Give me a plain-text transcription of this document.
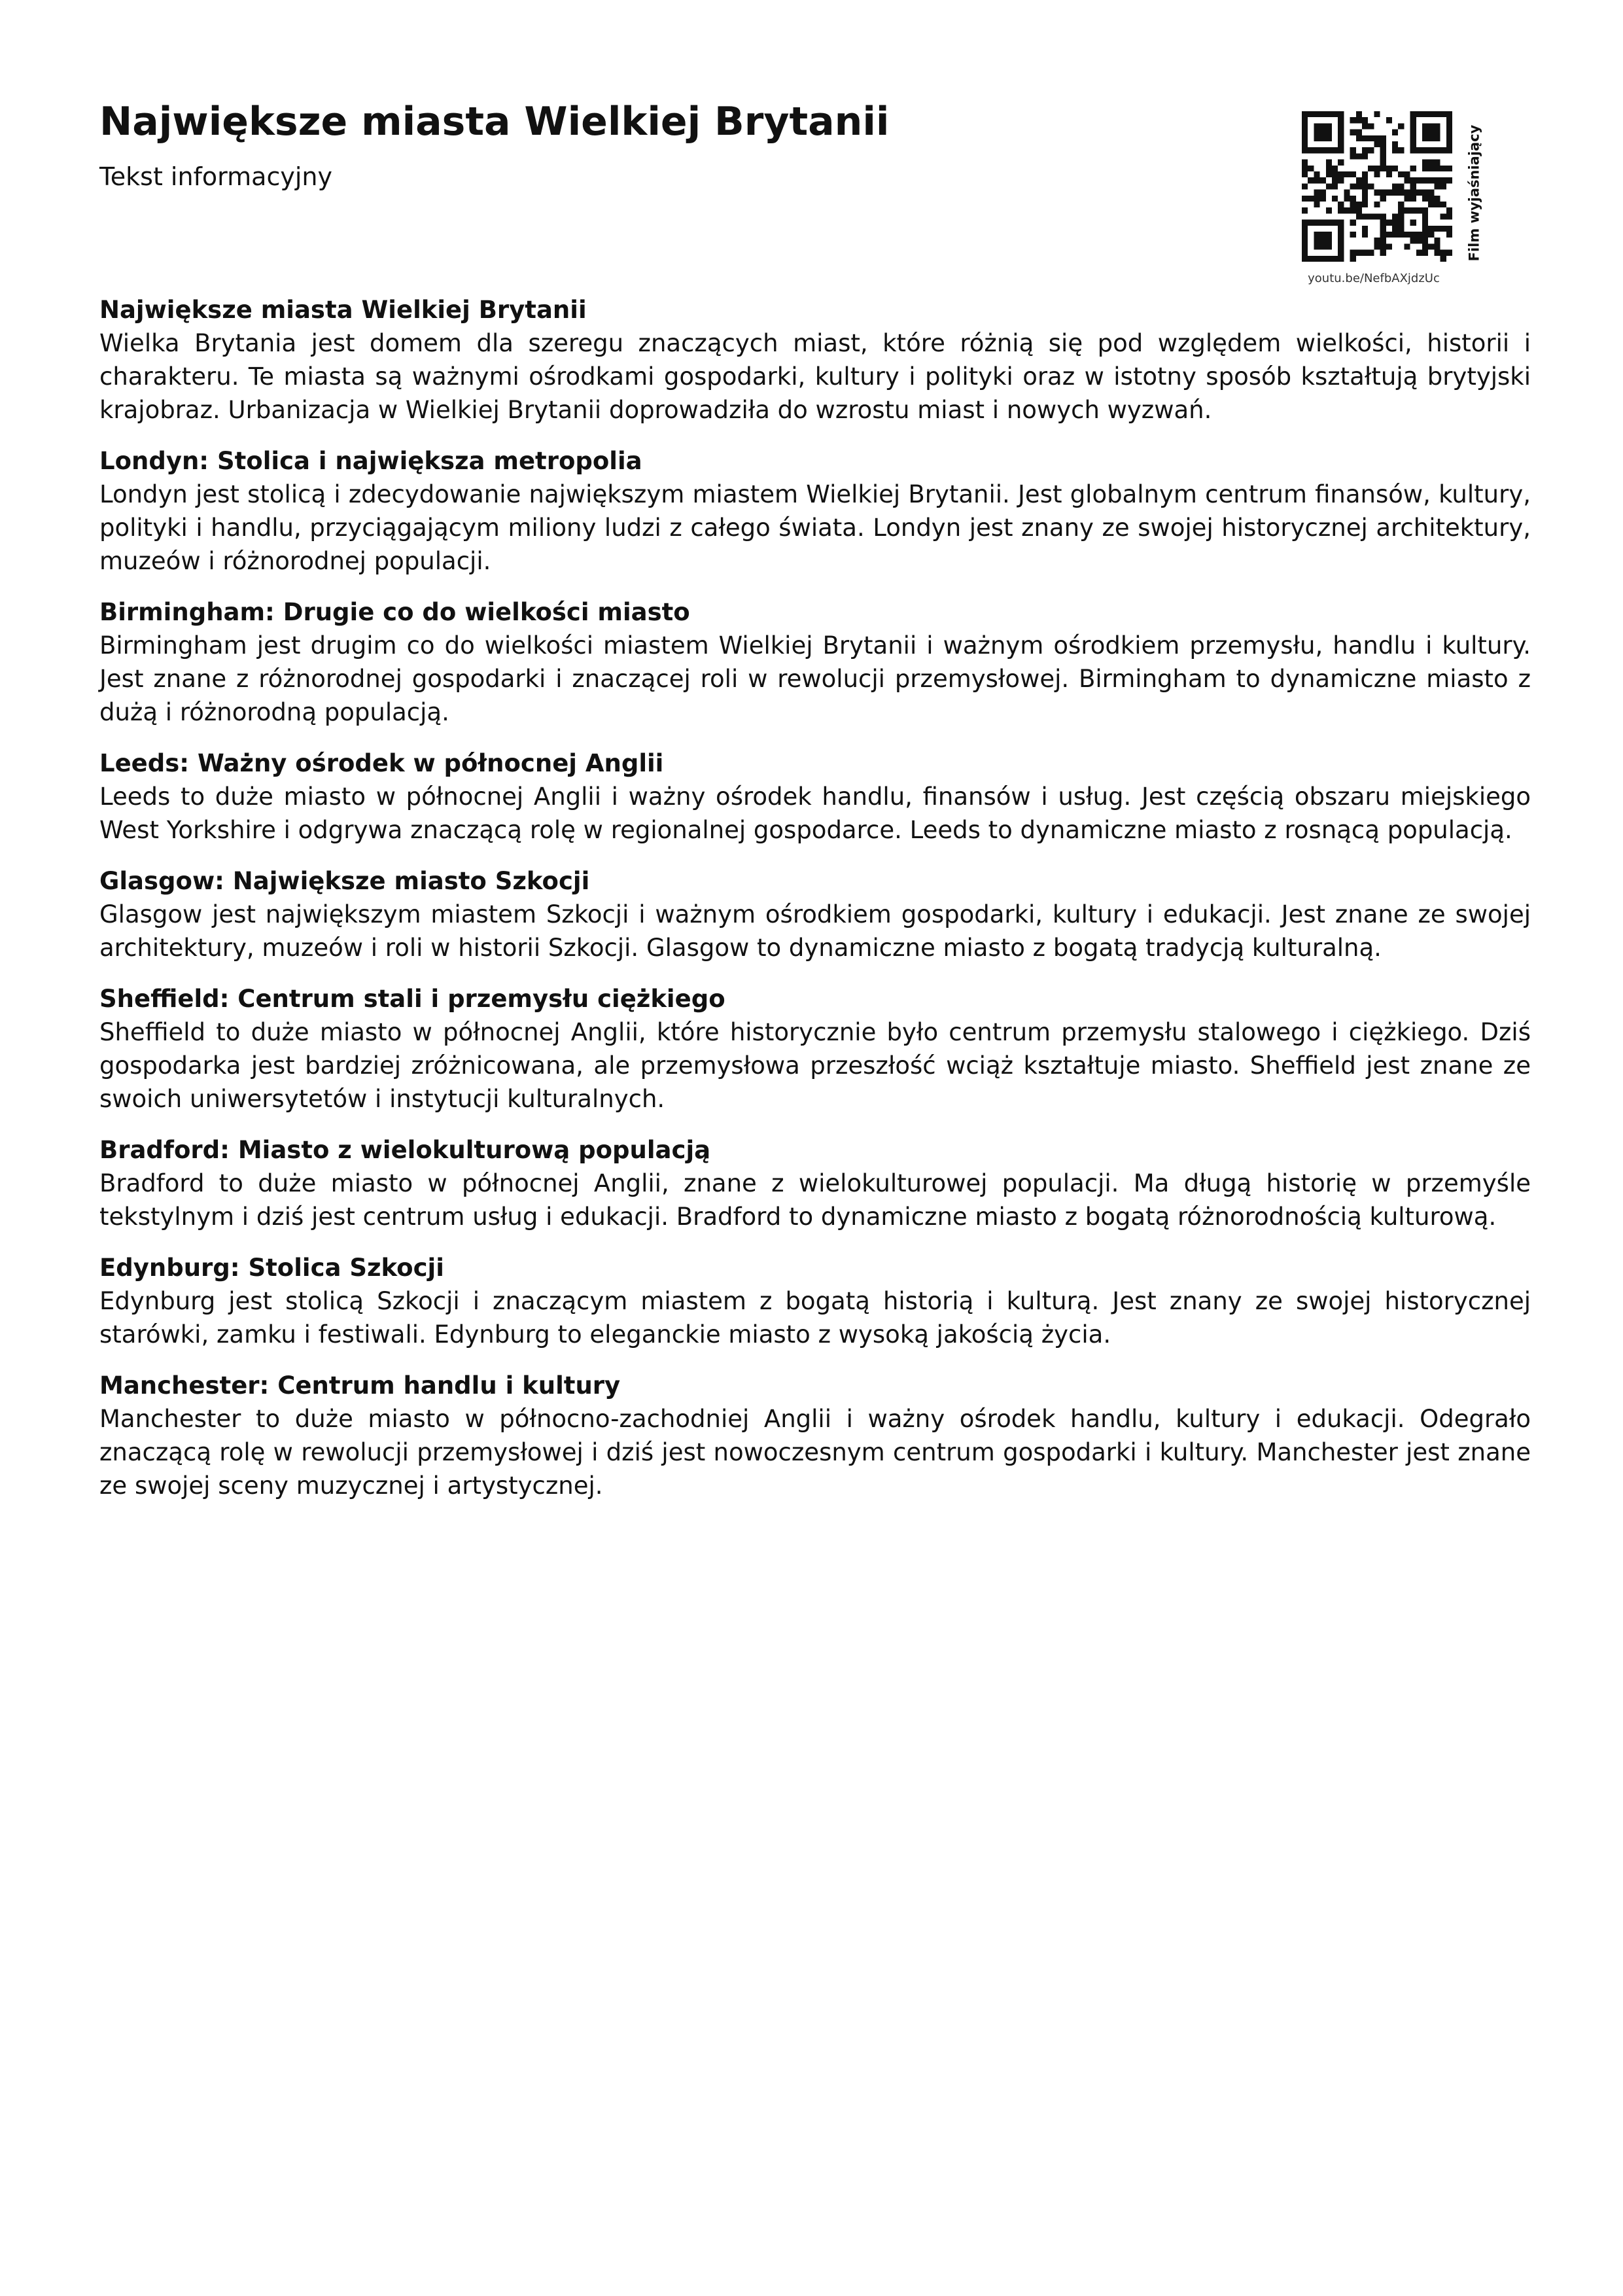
Największe miasta Wielkiej Brytanii

Tekst informacyjny	Film wyjaśniający
youtu.be/NefbAXjdzUc
Największe miasta Wielkiej Brytanii

Wielka Brytania jest domem dla szeregu znaczących miast, które różnią się pod względem wielkości, historii i charakteru. Te miasta są ważnymi ośrodkami gospodarki, kultury i polityki oraz w istotny sposób kształtują brytyjski krajobraz. Urbanizacja w Wielkiej Brytanii doprowadziła do wzrostu miast i nowych wyzwań.

Londyn: Stolica i największa metropolia

Londyn jest stolicą i zdecydowanie największym miastem Wielkiej Brytanii. Jest globalnym centrum finansów, kultury, polityki i handlu, przyciągającym miliony ludzi z całego świata. Londyn jest znany ze swojej historycznej architektury, muzeów i różnorodnej populacji.

Birmingham: Drugie co do wielkości miasto

Birmingham jest drugim co do wielkości miastem Wielkiej Brytanii i ważnym ośrodkiem przemysłu, handlu i kultury. Jest znane z różnorodnej gospodarki i znaczącej roli w rewolucji przemysłowej. Birmingham to dynamiczne miasto z dużą i różnorodną populacją.

Leeds: Ważny ośrodek w północnej Anglii

Leeds to duże miasto w północnej Anglii i ważny ośrodek handlu, finansów i usług. Jest częścią obszaru miejskiego West Yorkshire i odgrywa znaczącą rolę w regionalnej gospodarce. Leeds to dynamiczne miasto z rosnącą populacją.

Glasgow: Największe miasto Szkocji

Glasgow jest największym miastem Szkocji i ważnym ośrodkiem gospodarki, kultury i edukacji. Jest znane ze swojej architektury, muzeów i roli w historii Szkocji. Glasgow to dynamiczne miasto z bogatą tradycją kulturalną.

Sheffield: Centrum stali i przemysłu ciężkiego

Sheffield to duże miasto w północnej Anglii, które historycznie było centrum przemysłu stalowego i ciężkiego. Dziś gospodarka jest bardziej zróżnicowana, ale przemysłowa przeszłość wciąż kształtuje miasto. Sheffield jest znane ze swoich uniwersytetów i instytucji kulturalnych.

Bradford: Miasto z wielokulturową populacją

Bradford to duże miasto w północnej Anglii, znane z wielokulturowej populacji. Ma długą historię w przemyśle tekstylnym i dziś jest centrum usług i edukacji. Bradford to dynamiczne miasto z bogatą różnorodnością kulturową.

Edynburg: Stolica Szkocji

Edynburg jest stolicą Szkocji i znaczącym miastem z bogatą historią i kulturą. Jest znany ze swojej historycznej starówki, zamku i festiwali. Edynburg to eleganckie miasto z wysoką jakością życia.

Manchester: Centrum handlu i kultury

Manchester to duże miasto w północno-zachodniej Anglii i ważny ośrodek handlu, kultury i edukacji. Odegrało znaczącą rolę w rewolucji przemysłowej i dziś jest nowoczesnym centrum gospodarki i kultury. Manchester jest znane ze swojej sceny muzycznej i artystycznej.
